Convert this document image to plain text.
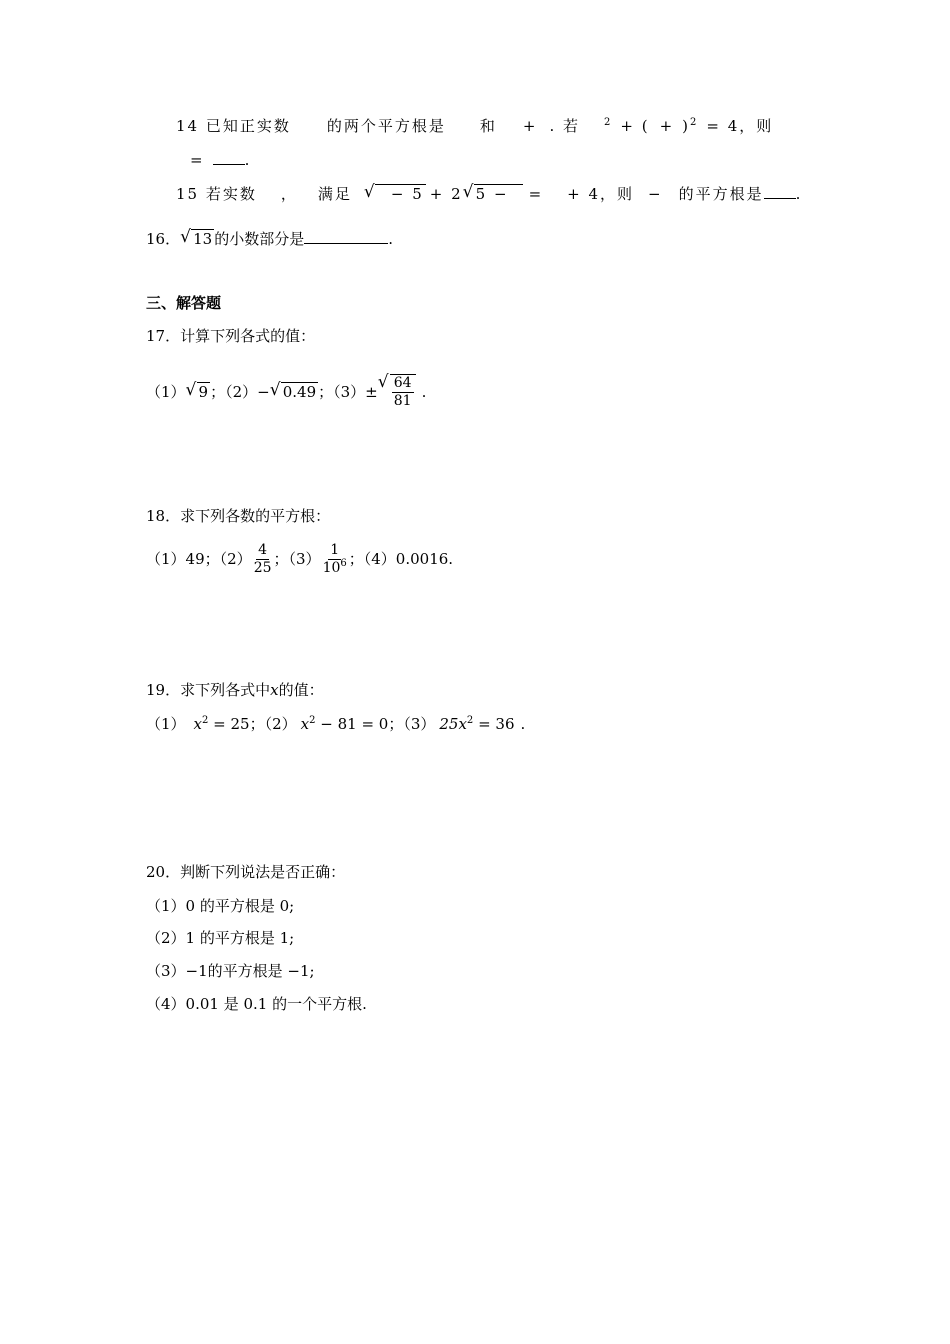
14 已知正实数 的两个平方根是 和 + . 若 $^2$ + ( + )$^2$ = 4，则
=	.
15 若实数 ， 满足	√ − 5 + 2 √ 5 − = + 4，则 − 的平方根是 .
16． √ 13 的小数部分是	.
三、解答题
17．计算下列各式的值：
（1） √ 9 ；（2） − √ 0.49 ；（3） ± √ $\frac{64}{81}$ .
18．求下列各数的平方根：
（1）49；$(2) \frac{4}{25}$ ；$(3) \frac{1}{10^6}$ ；（4）0.0016.
19．求下列各式中x的值：
（1） $x^2 = 25$；（2） $x^2 - 81 = 0$；（3） $25x^2 = 36$ .
20．判断下列说法是否正确：
（1）0 的平方根是 0;
（2）1 的平方根是 1;
（3）−1的平方根是 −1;
（4）0.01 是 0.1 的一个平方根.
